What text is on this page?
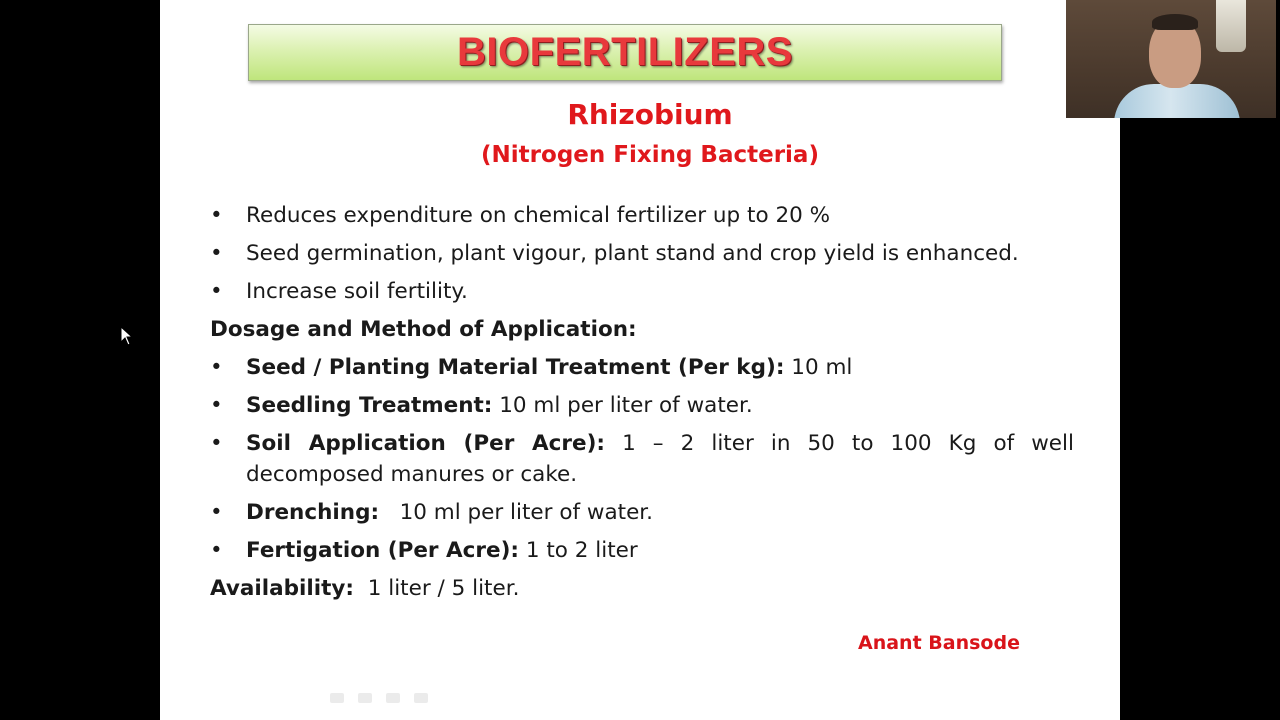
BIOFERTILIZERS
Rhizobium
(Nitrogen Fixing Bacteria)
• Reduces expenditure on chemical fertilizer up to 20 %
• Seed germination, plant vigour, plant stand and crop yield is enhanced.
• Increase soil fertility.
Dosage and Method of Application:
• Seed / Planting Material Treatment (Per kg): 10 ml
• Seedling Treatment: 10 ml per liter of water.
• Soil Application (Per Acre): 1 – 2 liter in 50 to 100 Kg of well decomposed manures or cake.
• Drenching:   10 ml per liter of water.
• Fertigation (Per Acre): 1 to 2 liter
Availability:  1 liter / 5 liter.
Anant Bansode
